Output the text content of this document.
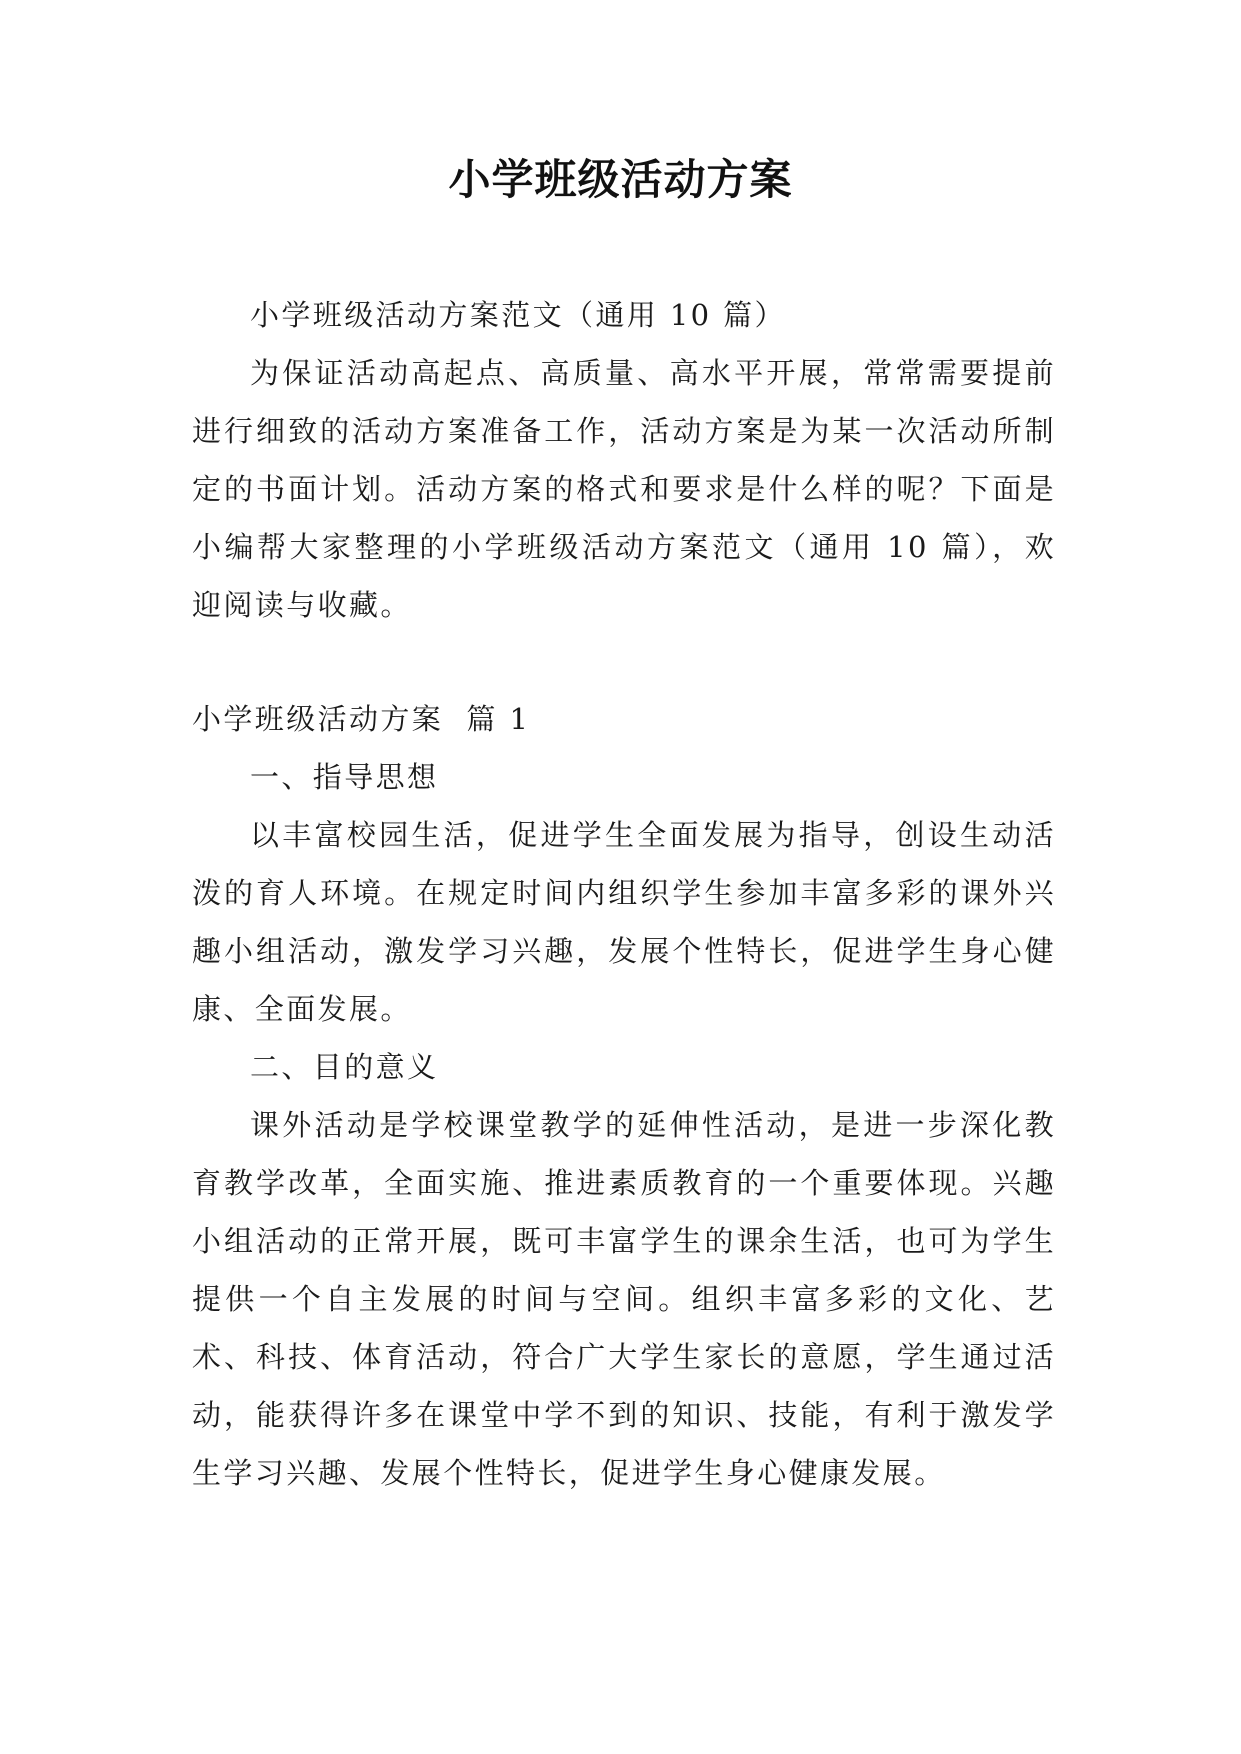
小学班级活动方案

小学班级活动方案范文（通用 10 篇）

为保证活动高起点、高质量、高水平开展，常常需要提前进行细致的活动方案准备工作，活动方案是为某一次活动所制定的书面计划。活动方案的格式和要求是什么样的呢？下面是小编帮大家整理的小学班级活动方案范文（通用 10 篇），欢迎阅读与收藏。

小学班级活动方案  篇 1

一、指导思想

以丰富校园生活，促进学生全面发展为指导，创设生动活泼的育人环境。在规定时间内组织学生参加丰富多彩的课外兴趣小组活动，激发学习兴趣，发展个性特长，促进学生身心健康、全面发展。

二、目的意义

课外活动是学校课堂教学的延伸性活动，是进一步深化教育教学改革，全面实施、推进素质教育的一个重要体现。兴趣小组活动的正常开展，既可丰富学生的课余生活，也可为学生提供一个自主发展的时间与空间。组织丰富多彩的文化、艺术、科技、体育活动，符合广大学生家长的意愿，学生通过活动，能获得许多在课堂中学不到的知识、技能，有利于激发学生学习兴趣、发展个性特长，促进学生身心健康发展。
